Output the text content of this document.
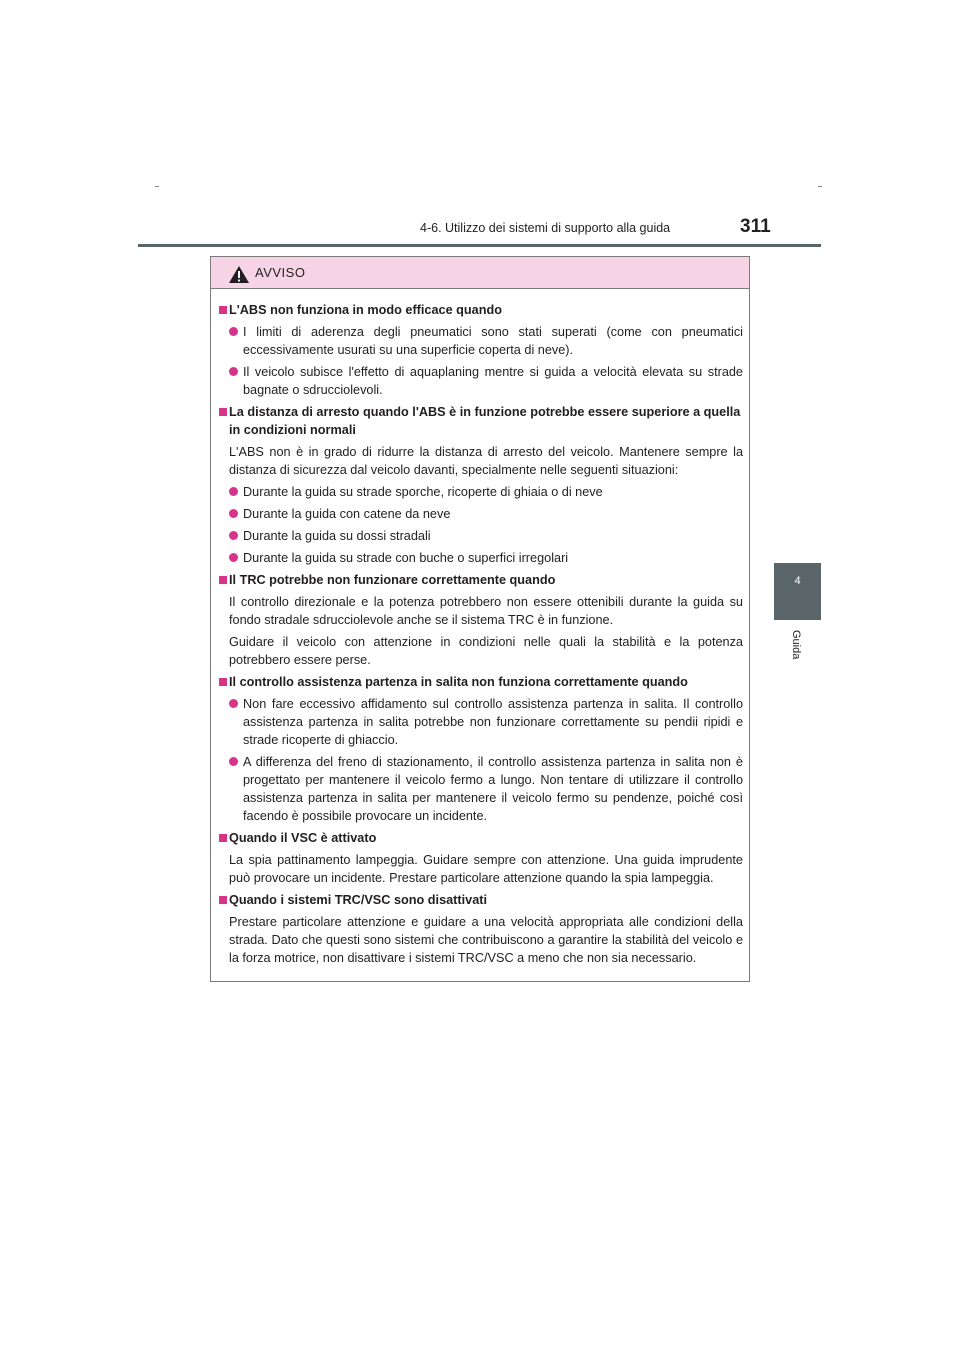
4-6. Utilizzo dei sistemi di supporto alla guida	311
4
Guida
AVVISO
L'ABS non funziona in modo efficace quando
I limiti di aderenza degli pneumatici sono stati superati (come con pneumatici eccessivamente usurati su una superficie coperta di neve).
Il veicolo subisce l'effetto di aquaplaning mentre si guida a velocità elevata su strade bagnate o sdrucciolevoli.
La distanza di arresto quando l'ABS è in funzione potrebbe essere superiore a quella in condizioni normali
L'ABS non è in grado di ridurre la distanza di arresto del veicolo. Mantenere sempre la distanza di sicurezza dal veicolo davanti, specialmente nelle seguenti situazioni:
Durante la guida su strade sporche, ricoperte di ghiaia o di neve
Durante la guida con catene da neve
Durante la guida su dossi stradali
Durante la guida su strade con buche o superfici irregolari
Il TRC potrebbe non funzionare correttamente quando
Il controllo direzionale e la potenza potrebbero non essere ottenibili durante la guida su fondo stradale sdrucciolevole anche se il sistema TRC è in funzione.
Guidare il veicolo con attenzione in condizioni nelle quali la stabilità e la potenza potrebbero essere perse.
Il controllo assistenza partenza in salita non funziona correttamente quando
Non fare eccessivo affidamento sul controllo assistenza partenza in salita. Il controllo assistenza partenza in salita potrebbe non funzionare correttamente su pendii ripidi e strade ricoperte di ghiaccio.
A differenza del freno di stazionamento, il controllo assistenza partenza in salita non è progettato per mantenere il veicolo fermo a lungo. Non tentare di utilizzare il controllo assistenza partenza in salita per mantenere il veicolo fermo su pendenze, poiché così facendo è possibile provocare un incidente.
Quando il VSC è attivato
La spia pattinamento lampeggia. Guidare sempre con attenzione. Una guida imprudente può provocare un incidente. Prestare particolare attenzione quando la spia lampeggia.
Quando i sistemi TRC/VSC sono disattivati
Prestare particolare attenzione e guidare a una velocità appropriata alle condizioni della strada. Dato che questi sono sistemi che contribuiscono a garantire la stabilità del veicolo e la forza motrice, non disattivare i sistemi TRC/VSC a meno che non sia necessario.
